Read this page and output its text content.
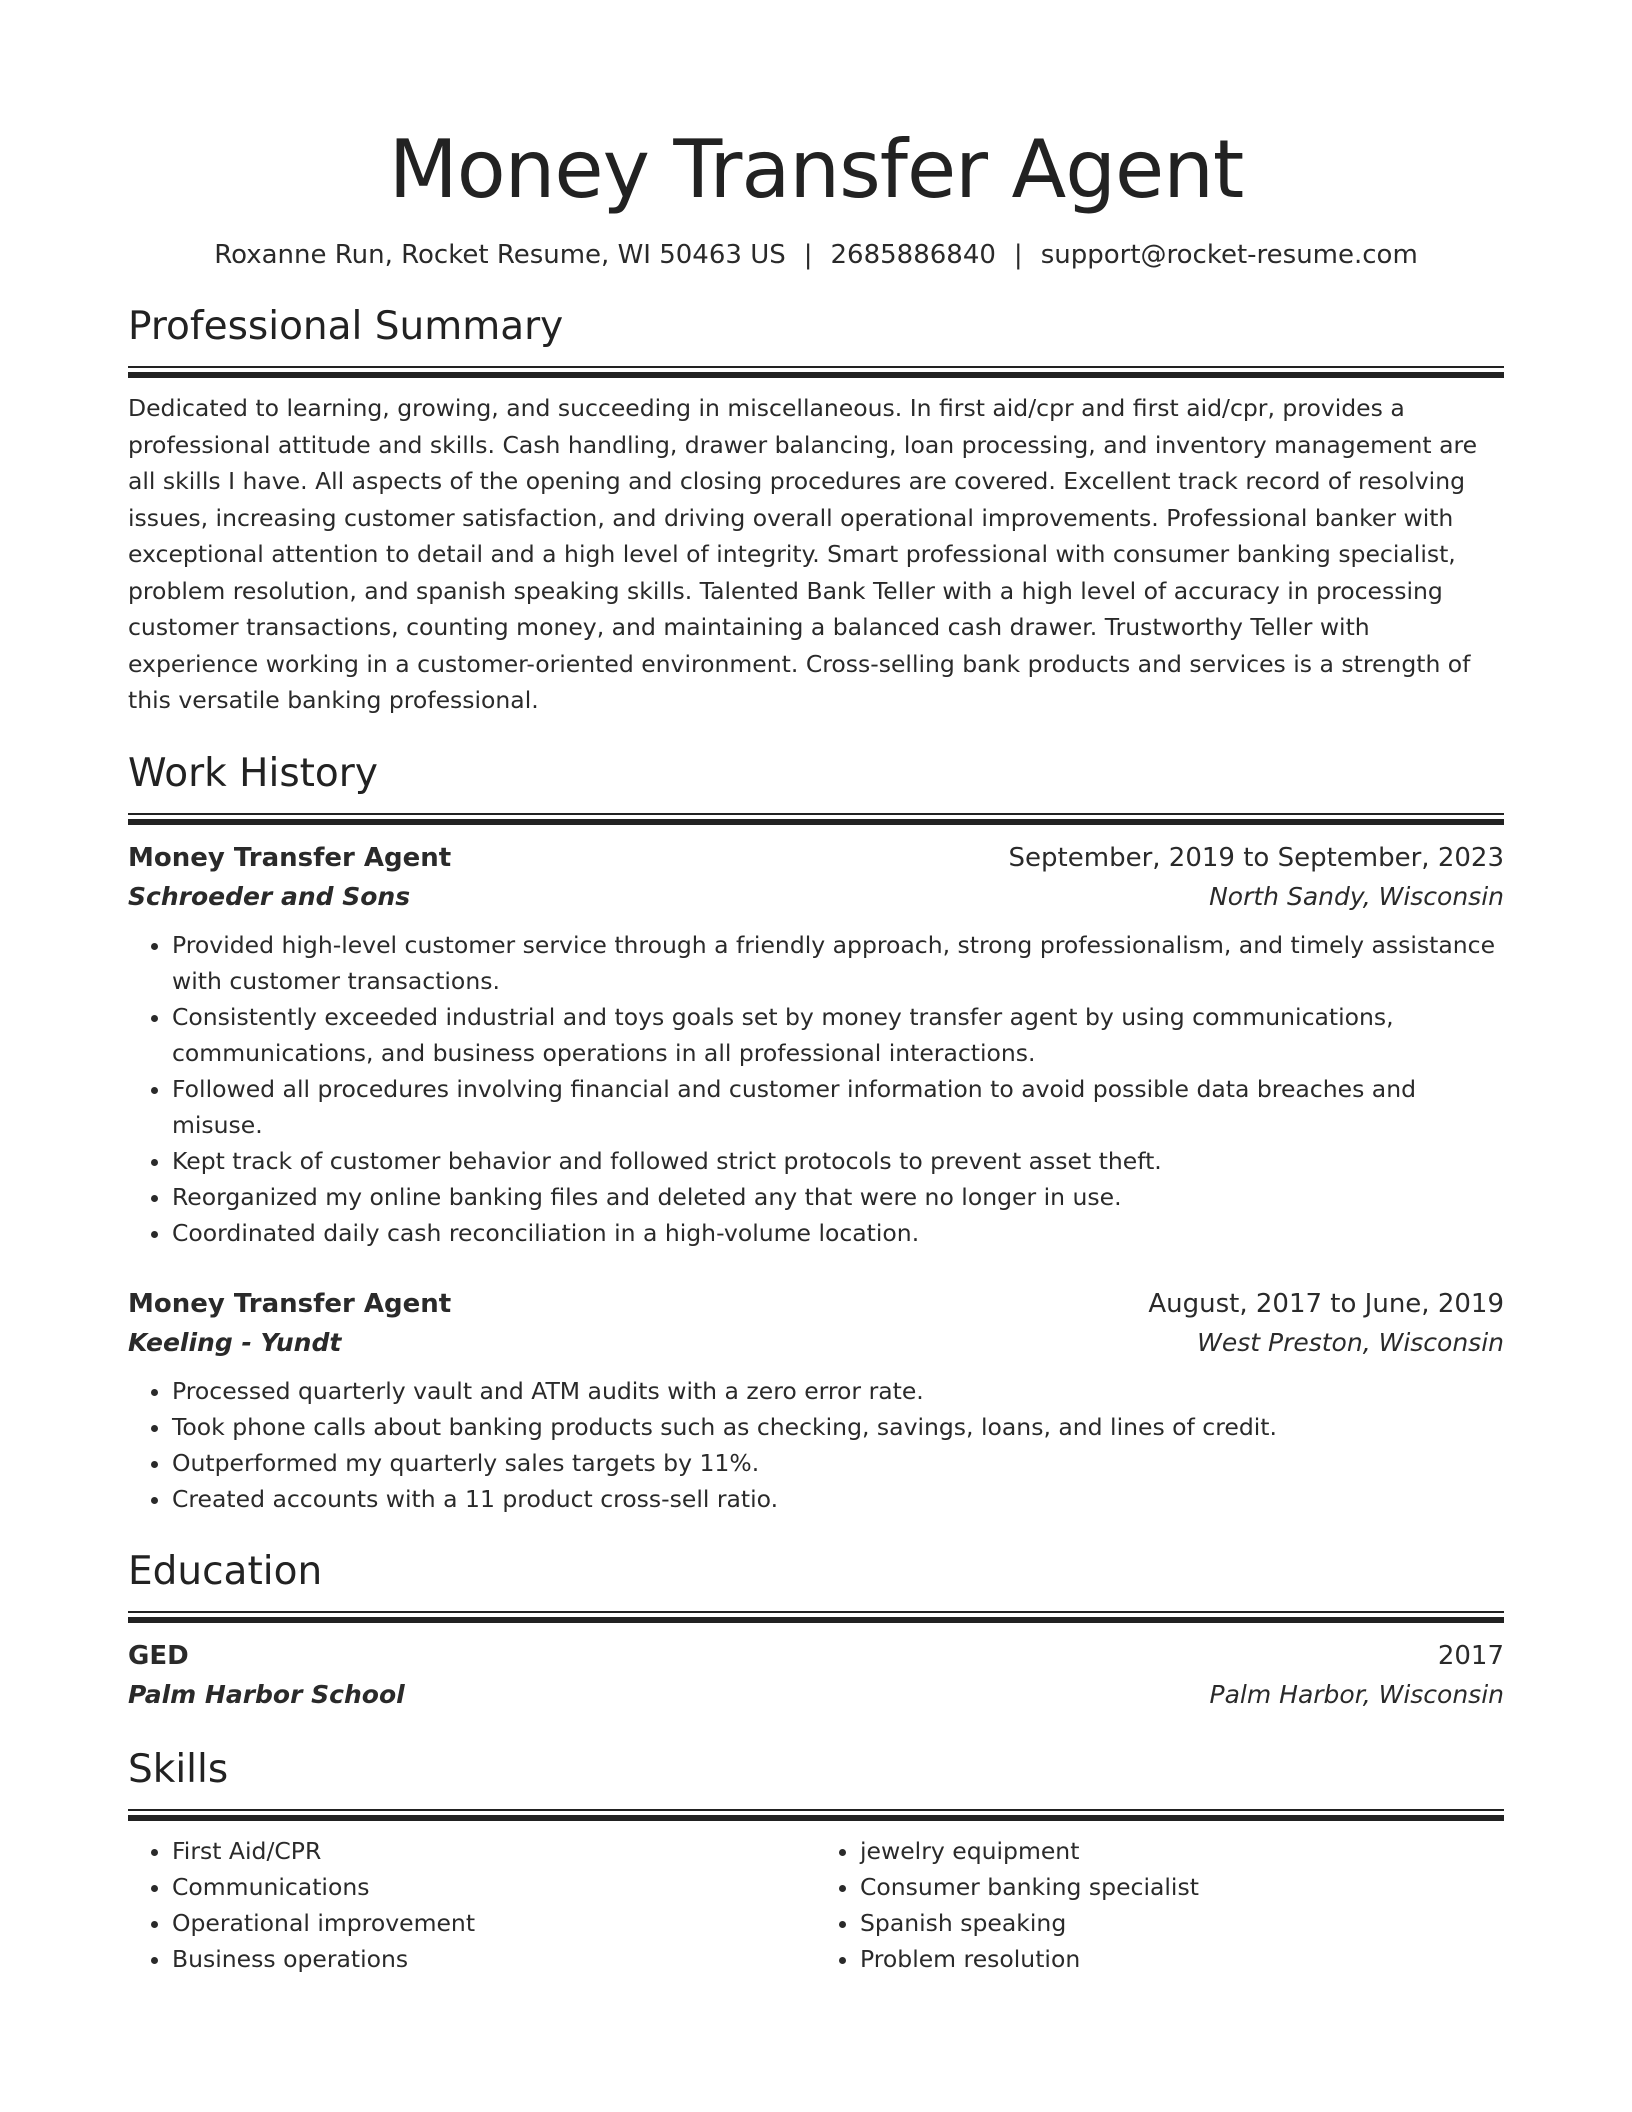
Money Transfer Agent
Roxanne Run, Rocket Resume, WI 50463 US | 2685886840 | support@rocket-resume.com
Professional Summary
Dedicated to learning, growing, and succeeding in miscellaneous. In first aid/cpr and first aid/cpr, provides a professional attitude and skills. Cash handling, drawer balancing, loan processing, and inventory management are all skills I have. All aspects of the opening and closing procedures are covered. Excellent track record of resolving issues, increasing customer satisfaction, and driving overall operational improvements. Professional banker with exceptional attention to detail and a high level of integrity. Smart professional with consumer banking specialist, problem resolution, and spanish speaking skills. Talented Bank Teller with a high level of accuracy in processing customer transactions, counting money, and maintaining a balanced cash drawer. Trustworthy Teller with experience working in a customer-oriented environment. Cross-selling bank products and services is a strength of this versatile banking professional.
Work History
Money Transfer Agent	September, 2019 to September, 2023
Schroeder and Sons	North Sandy, Wisconsin
• Provided high-level customer service through a friendly approach, strong professionalism, and timely assistance with customer transactions.
• Consistently exceeded industrial and toys goals set by money transfer agent by using communications, communications, and business operations in all professional interactions.
• Followed all procedures involving financial and customer information to avoid possible data breaches and misuse.
• Kept track of customer behavior and followed strict protocols to prevent asset theft.
• Reorganized my online banking files and deleted any that were no longer in use.
• Coordinated daily cash reconciliation in a high-volume location.
Money Transfer Agent	August, 2017 to June, 2019
Keeling - Yundt	West Preston, Wisconsin
• Processed quarterly vault and ATM audits with a zero error rate.
• Took phone calls about banking products such as checking, savings, loans, and lines of credit.
• Outperformed my quarterly sales targets by 11%.
• Created accounts with a 11 product cross-sell ratio.
Education
GED	2017
Palm Harbor School	Palm Harbor, Wisconsin
Skills
• First Aid/CPR
• Communications
• Operational improvement
• Business operations
• jewelry equipment
• Consumer banking specialist
• Spanish speaking
• Problem resolution
